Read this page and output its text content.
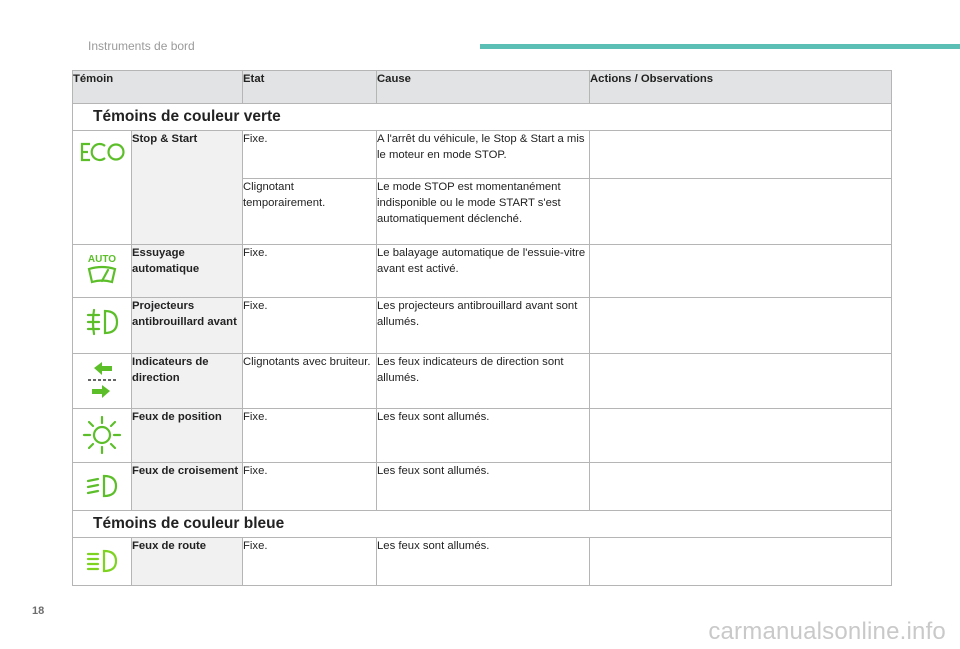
Instruments de bord
Témoin		Etat	Cause	Actions / Observations
Témoins de couleur verte				

	Stop & Start	Fixe.	A l'arrêt du véhicule, le Stop & Start a mis le moteur en mode STOP.	
		Clignotant temporairement.	Le mode STOP est momentanément indisponible ou le mode START s'est automatiquement déclenché.	

AUTO	Essuyage automatique	Fixe.	Le balayage automatique de l'essuie-vitre avant est activé.	

	Projecteurs antibrouillard avant	Fixe.	Les projecteurs antibrouillard avant sont allumés.	

	Indicateurs de direction	Clignotants avec bruiteur.	Les feux indicateurs de direction sont allumés.	

	Feux de position	Fixe.	Les feux sont allumés.	

	Feux de croisement	Fixe.	Les feux sont allumés.	
Témoins de couleur bleue				

	Feux de route	Fixe.	Les feux sont allumés.	
18
carmanualsonline.info
